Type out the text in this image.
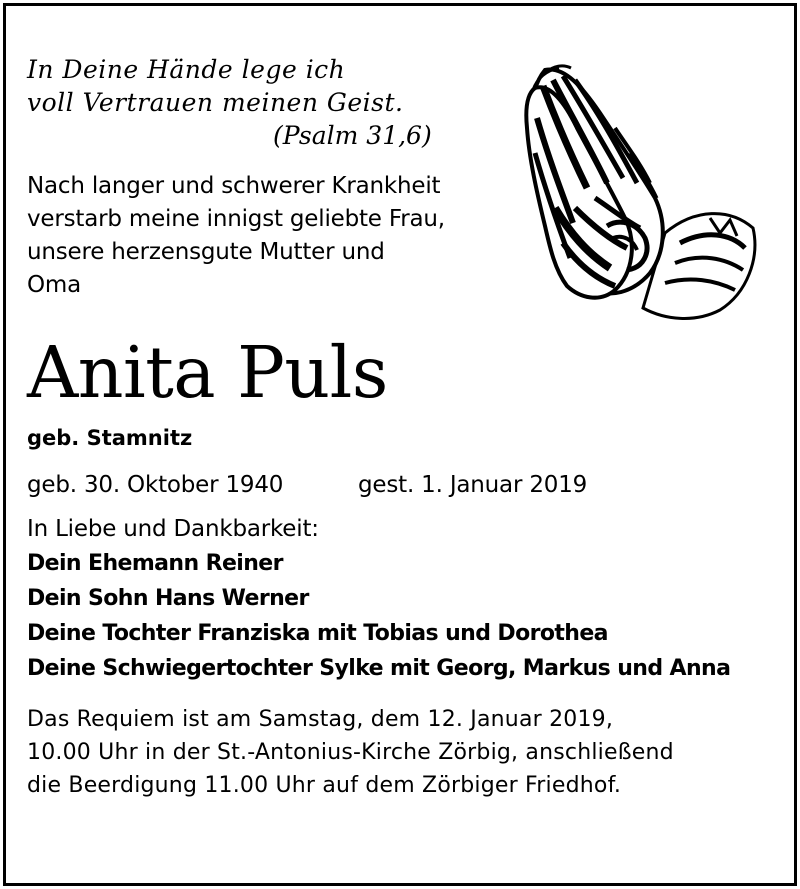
In Deine Hände lege ich
voll Vertrauen meinen Geist.
(Psalm 31,6)
Nach langer und schwerer Krankheit
verstarb meine innigst geliebte Frau,
unsere herzensgute Mutter und
Oma
Anita Puls
geb. Stamnitz
geb. 30. Oktober 1940	gest. 1. Januar 2019
In Liebe und Dankbarkeit:
Dein Ehemann Reiner
Dein Sohn Hans Werner
Deine Tochter Franziska mit Tobias und Dorothea
Deine Schwiegertochter Sylke mit Georg, Markus und Anna
Das Requiem ist am Samstag, dem 12. Januar 2019,
10.00 Uhr in der St.-Antonius-Kirche Zörbig, anschließend
die Beerdigung 11.00 Uhr auf dem Zörbiger Friedhof.
